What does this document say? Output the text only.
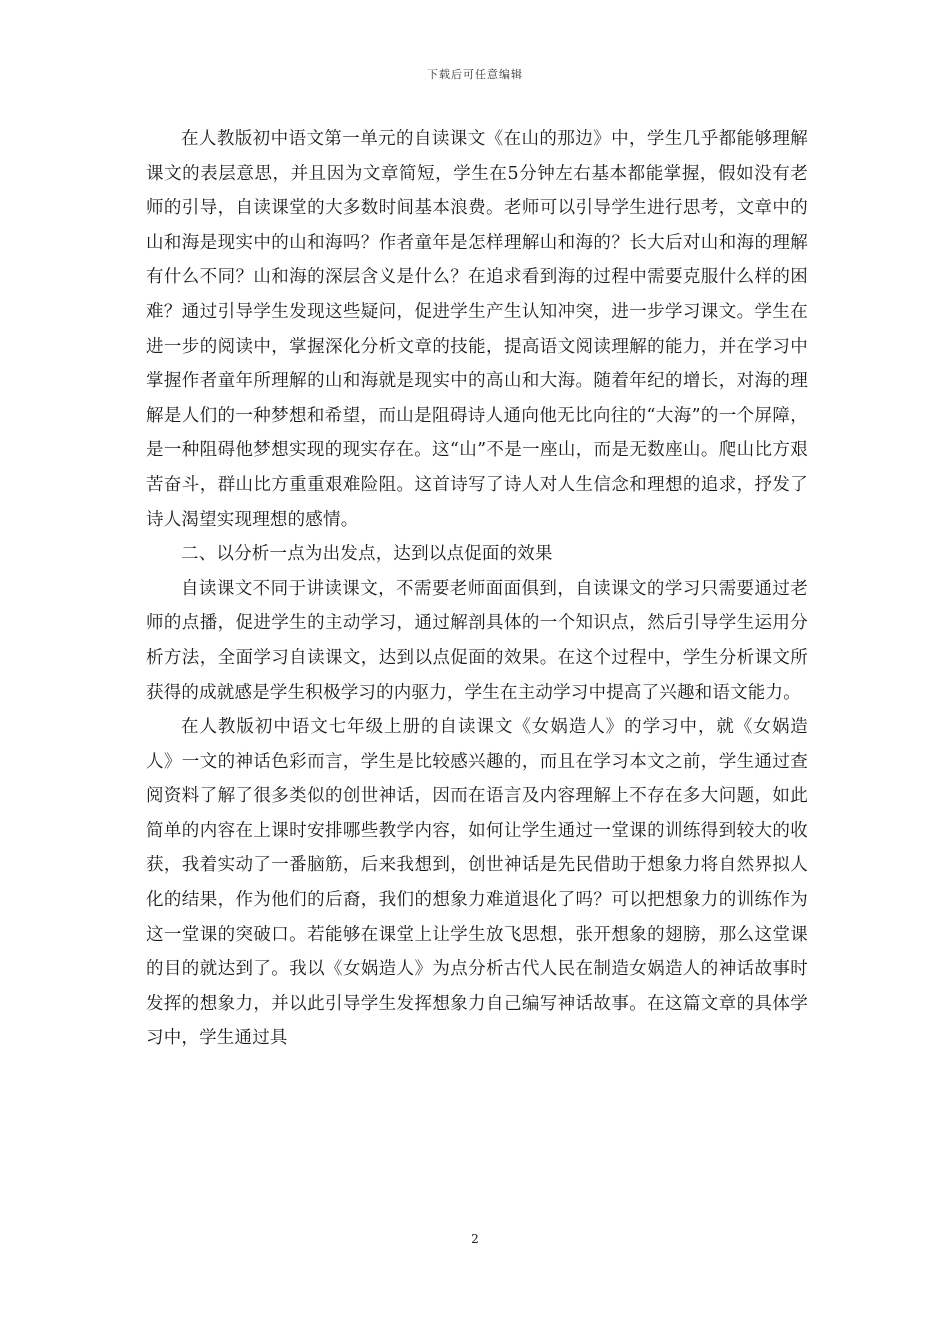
下载后可任意编辑

在人教版初中语文第一单元的自读课文《在山的那边》中，学生几乎都能够理解课文的表层意思，并且因为文章简短，学生在5分钟左右基本都能掌握，假如没有老师的引导，自读课堂的大多数时间基本浪费。老师可以引导学生进行思考，文章中的山和海是现实中的山和海吗？作者童年是怎样理解山和海的？长大后对山和海的理解有什么不同？山和海的深层含义是什么？在追求看到海的过程中需要克服什么样的困难？通过引导学生发现这些疑问，促进学生产生认知冲突，进一步学习课文。学生在进一步的阅读中，掌握深化分析文章的技能，提高语文阅读理解的能力，并在学习中掌握作者童年所理解的山和海就是现实中的高山和大海。随着年纪的增长，对海的理解是人们的一种梦想和希望，而山是阻碍诗人通向他无比向往的“大海”的一个屏障，是一种阻碍他梦想实现的现实存在。这“山”不是一座山，而是无数座山。爬山比方艰苦奋斗，群山比方重重艰难险阻。这首诗写了诗人对人生信念和理想的追求，抒发了诗人渴望实现理想的感情。

二、以分析一点为出发点，达到以点促面的效果

自读课文不同于讲读课文，不需要老师面面俱到，自读课文的学习只需要通过老师的点播，促进学生的主动学习，通过解剖具体的一个知识点，然后引导学生运用分析方法，全面学习自读课文，达到以点促面的效果。在这个过程中，学生分析课文所获得的成就感是学生积极学习的内驱力，学生在主动学习中提高了兴趣和语文能力。

在人教版初中语文七年级上册的自读课文《女娲造人》的学习中，就《女娲造人》一文的神话色彩而言，学生是比较感兴趣的，而且在学习本文之前，学生通过查阅资料了解了很多类似的创世神话，因而在语言及内容理解上不存在多大问题，如此简单的内容在上课时安排哪些教学内容，如何让学生通过一堂课的训练得到较大的收获，我着实动了一番脑筋，后来我想到，创世神话是先民借助于想象力将自然界拟人化的结果，作为他们的后裔，我们的想象力难道退化了吗？可以把想象力的训练作为这一堂课的突破口。若能够在课堂上让学生放飞思想，张开想象的翅膀，那么这堂课的目的就达到了。我以《女娲造人》为点分析古代人民在制造女娲造人的神话故事时发挥的想象力，并以此引导学生发挥想象力自己编写神话故事。在这篇文章的具体学习中，学生通过具

2
